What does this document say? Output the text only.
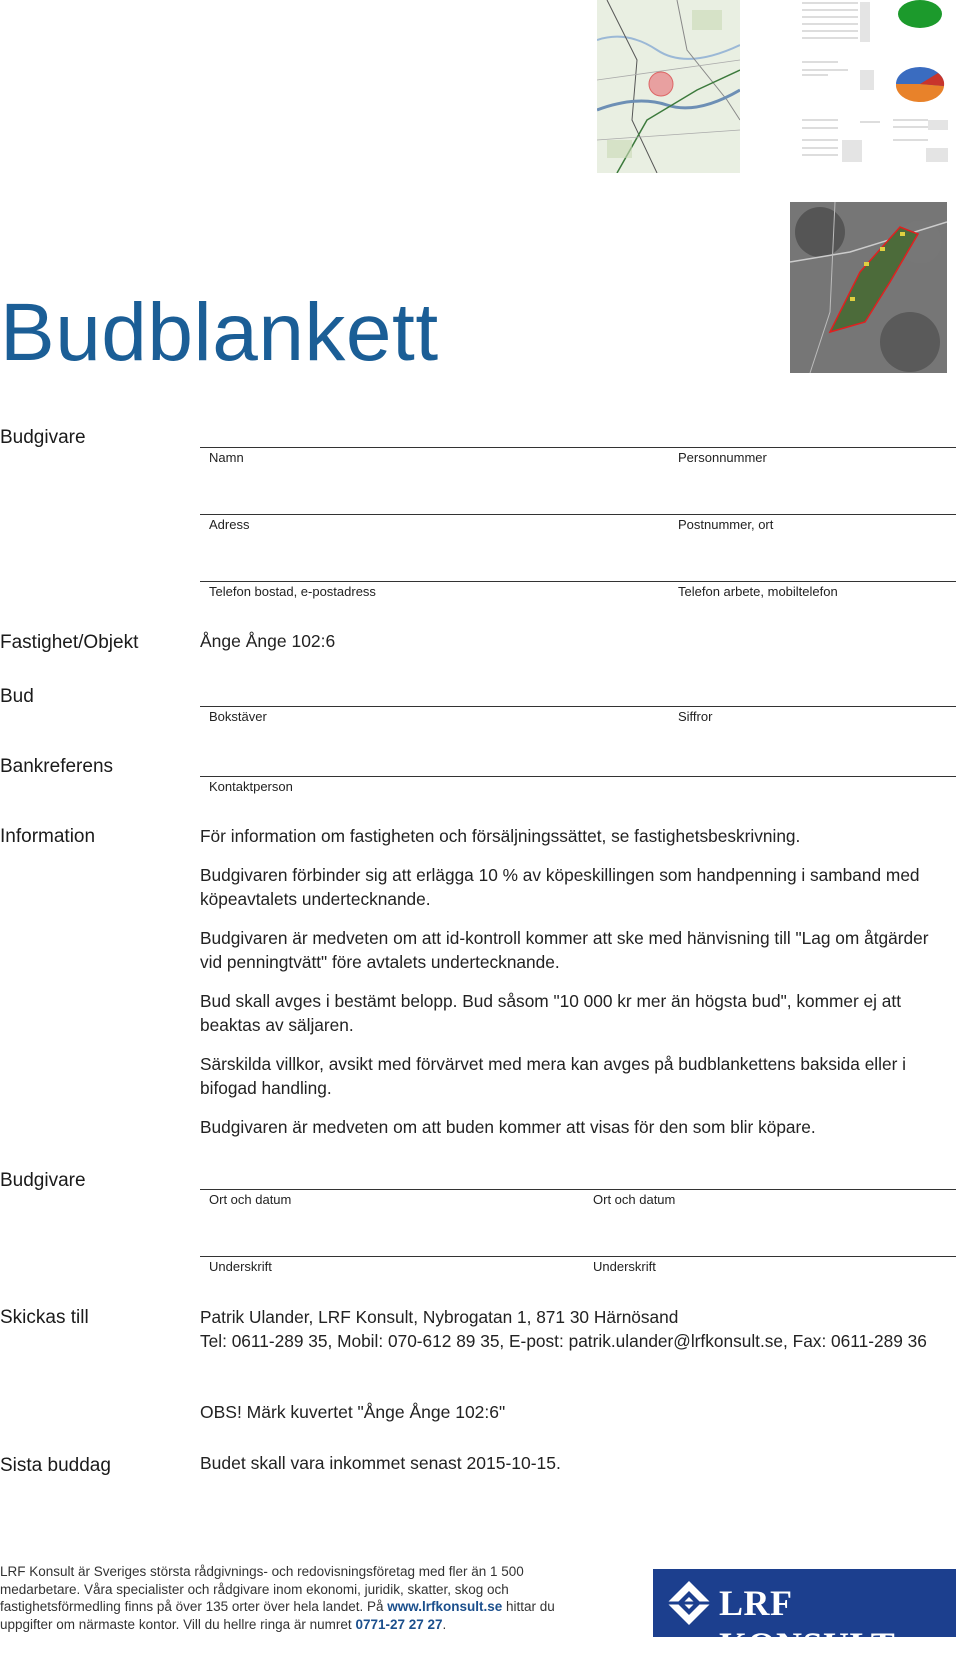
Budblankett
Budgivare
Namn	Personnummer
Adress	Postnummer, ort
Telefon bostad, e-postadress	Telefon arbete, mobiltelefon
Fastighet/Objekt	Ånge Ånge 102:6
Bud
Bokstäver	Siffror
Bankreferens
Kontaktperson
Information	För information om fastigheten och försäljningssättet, se fastighetsbeskrivning.

Budgivaren förbinder sig att erlägga 10 % av köpeskillingen som handpenning i samband med köpeavtalets undertecknande.

Budgivaren är medveten om att id-kontroll kommer att ske med hänvisning till "Lag om åtgärder vid penningtvätt" före avtalets undertecknande.

Bud skall avges i bestämt belopp. Bud såsom "10 000 kr mer än högsta bud", kommer ej att beaktas av säljaren.

Särskilda villkor, avsikt med förvärvet med mera kan avges på budblankettens baksida eller i bifogad handling.

Budgivaren är medveten om att buden kommer att visas för den som blir köpare.

Budgivare
Ort och datum	Ort och datum
Underskrift	Underskrift
Skickas till	Patrik Ulander, LRF Konsult, Nybrogatan 1, 871 30 Härnösand
Tel: 0611-289 35, Mobil: 070-612 89 35, E-post: patrik.ulander@lrfkonsult.se, Fax: 0611-289 36
OBS! Märk kuvertet "Ånge Ånge 102:6"
Sista buddag	Budet skall vara inkommet senast 2015-10-15.
LRF Konsult är Sveriges största rådgivnings- och redovisningsföretag med fler än 1 500 medarbetare. Våra specialister och rådgivare inom ekonomi, juridik, skatter, skog och fastighetsförmedling finns på över 135 orter över hela landet. På www.lrfkonsult.se hittar du uppgifter om närmaste kontor. Vill du hellre ringa är numret 0771-27 27 27.
LRF KONSULT
